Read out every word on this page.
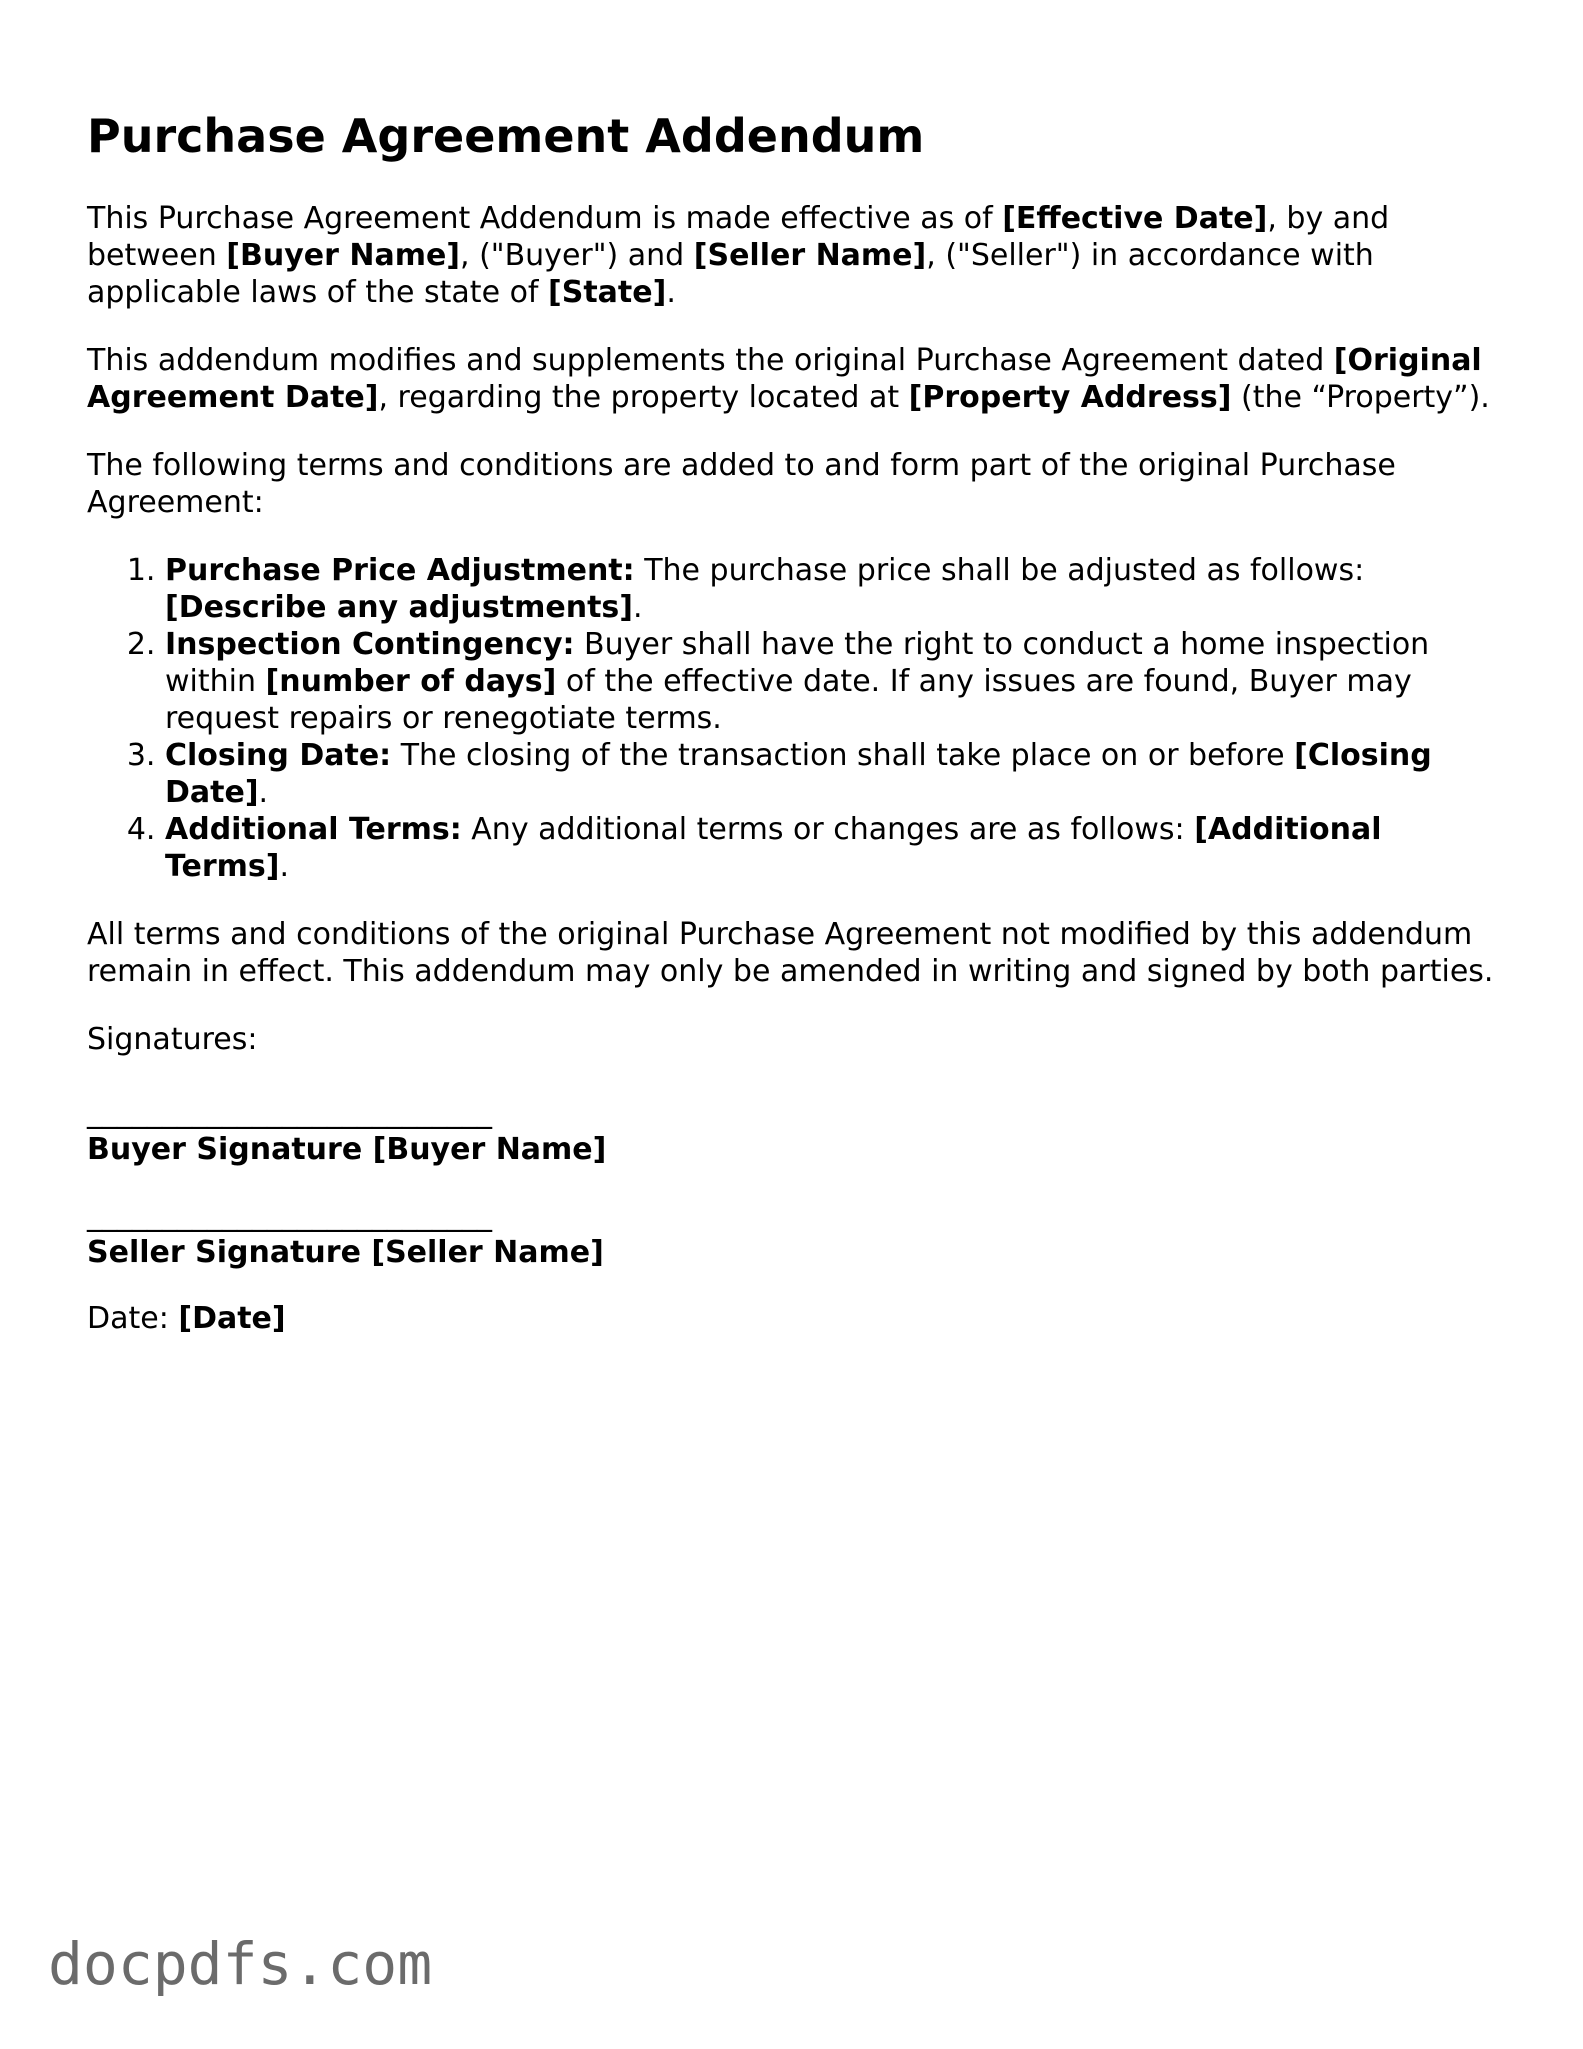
Purchase Agreement Addendum

This Purchase Agreement Addendum is made effective as of [Effective Date], by and between [Buyer Name], ("Buyer") and [Seller Name], ("Seller") in accordance with applicable laws of the state of [State].

This addendum modifies and supplements the original Purchase Agreement dated [Original Agreement Date], regarding the property located at [Property Address] (the “Property”).

The following terms and conditions are added to and form part of the original Purchase Agreement:

1. Purchase Price Adjustment: The purchase price shall be adjusted as follows: [Describe any adjustments].
2. Inspection Contingency: Buyer shall have the right to conduct a home inspection within [number of days] of the effective date. If any issues are found, Buyer may request repairs or renegotiate terms.
3. Closing Date: The closing of the transaction shall take place on or before [Closing Date].
4. Additional Terms: Any additional terms or changes are as follows: [Additional Terms].

All terms and conditions of the original Purchase Agreement not modified by this addendum remain in effect. This addendum may only be amended in writing and signed by both parties.

Signatures:

___________________________
Buyer Signature [Buyer Name]
___________________________
Seller Signature [Seller Name]

Date: [Date]

docpdfs.com
